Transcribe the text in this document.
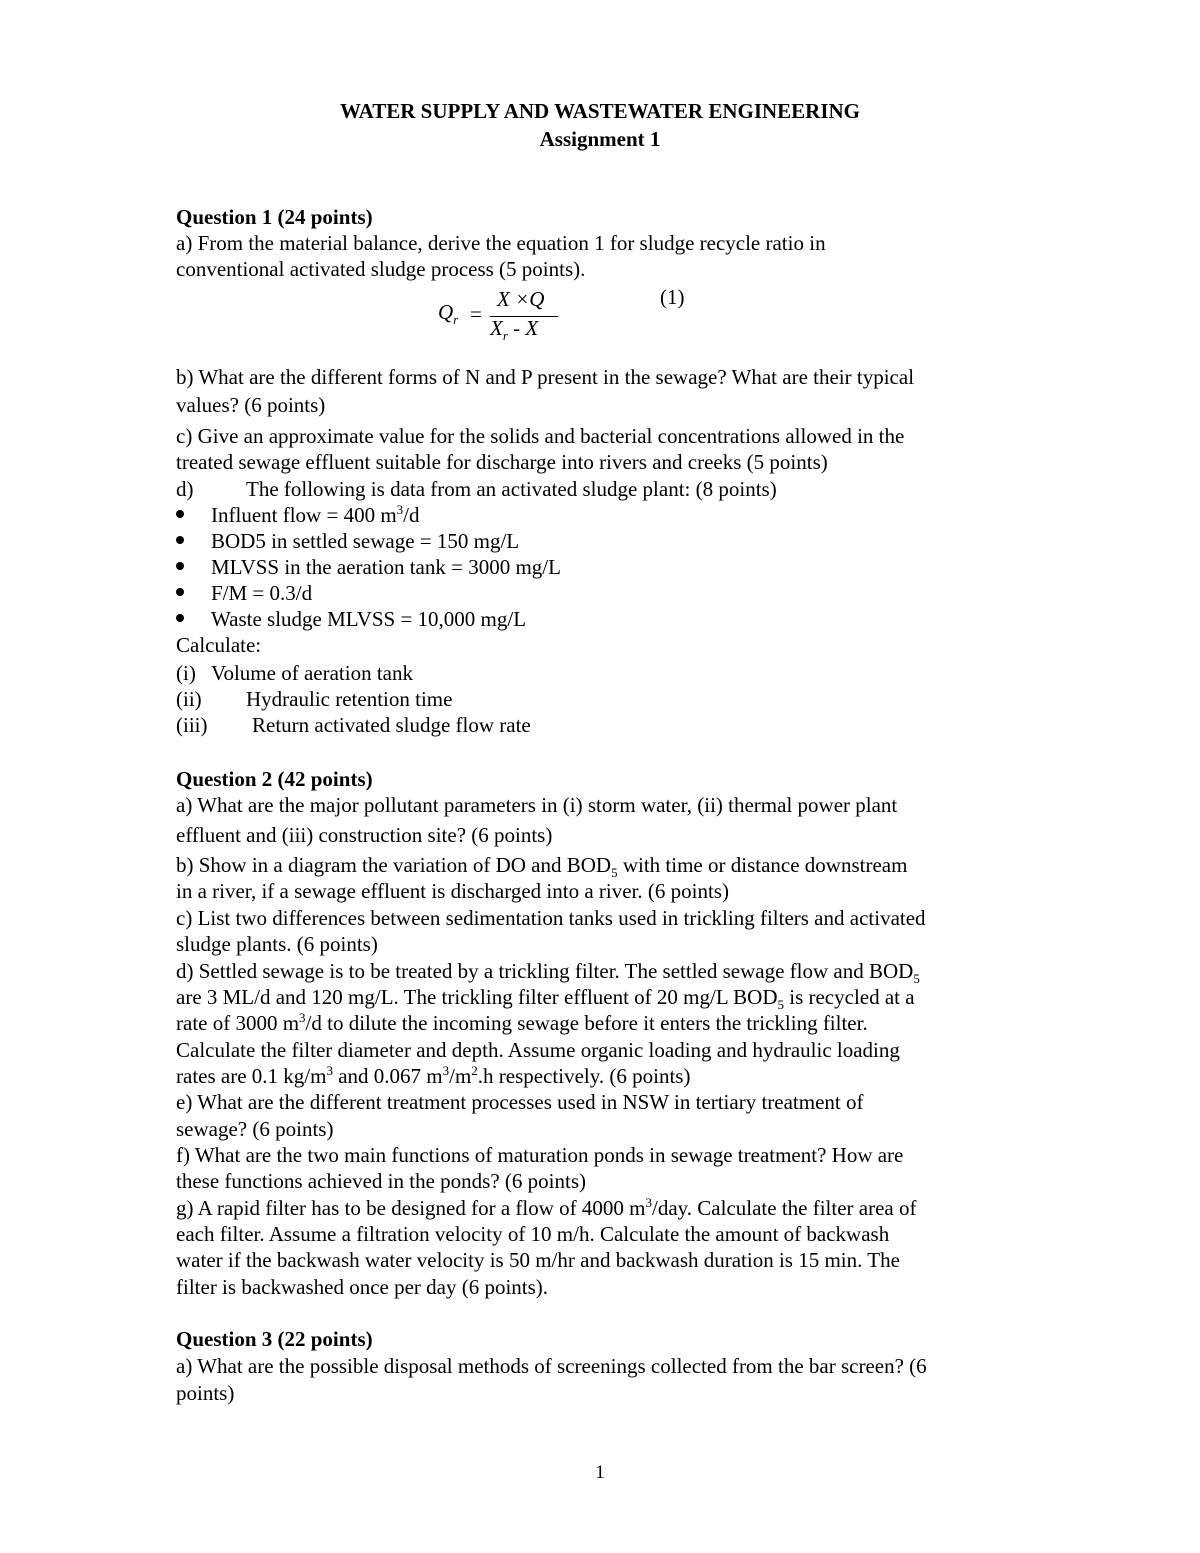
WATER SUPPLY AND WASTEWATER ENGINEERING
Assignment 1
Question 1 (24 points)
a) From the material balance, derive the equation 1 for sludge recycle ratio in
conventional activated sludge process (5 points).
$Q_r$ =
X ×Q
$X_r$ - X
(1)
b) What are the different forms of N and P present in the sewage? What are their typical
values? (6 points)
c) Give an approximate value for the solids and bacterial concentrations allowed in the
treated sewage effluent suitable for discharge into rivers and creeks (5 points)
d)	The following is data from an activated sludge plant: (8 points)
Influent flow = 400 $m^3/d$
BOD5 in settled sewage = 150 mg/L
MLVSS in the aeration tank = 3000 mg/L
F/M = 0.3/d
Waste sludge MLVSS = 10,000 mg/L
Calculate:
(i) Volume of aeration tank
(ii) Hydraulic retention time
(iii) Return activated sludge flow rate
Question 2 (42 points)
a) What are the major pollutant parameters in (i) storm water, (ii) thermal power plant
effluent and (iii) construction site? (6 points)
b) Show in a diagram the variation of DO and $BOD_5$ with time or distance downstream
in a river, if a sewage effluent is discharged into a river. (6 points)
c) List two differences between sedimentation tanks used in trickling filters and activated
sludge plants. (6 points)
d) Settled sewage is to be treated by a trickling filter. The settled sewage flow and $BOD_5$
are 3 ML/d and 120 mg/L. The trickling filter effluent of 20 mg/L $BOD_5$ is recycled at a
rate of 3000 $m^3/d$ to dilute the incoming sewage before it enters the trickling filter.
Calculate the filter diameter and depth. Assume organic loading and hydraulic loading
rates are 0.1 $kg/m^3$ and 0.067 $m^3/m^2.h$ respectively. (6 points)
e) What are the different treatment processes used in NSW in tertiary treatment of
sewage? (6 points)
f) What are the two main functions of maturation ponds in sewage treatment? How are
these functions achieved in the ponds? (6 points)
g) A rapid filter has to be designed for a flow of 4000 $m^3$/day. Calculate the filter area of
each filter. Assume a filtration velocity of 10 m/h. Calculate the amount of backwash
water if the backwash water velocity is 50 m/hr and backwash duration is 15 min. The
filter is backwashed once per day (6 points).
Question 3 (22 points)
a) What are the possible disposal methods of screenings collected from the bar screen? (6
points)
1
